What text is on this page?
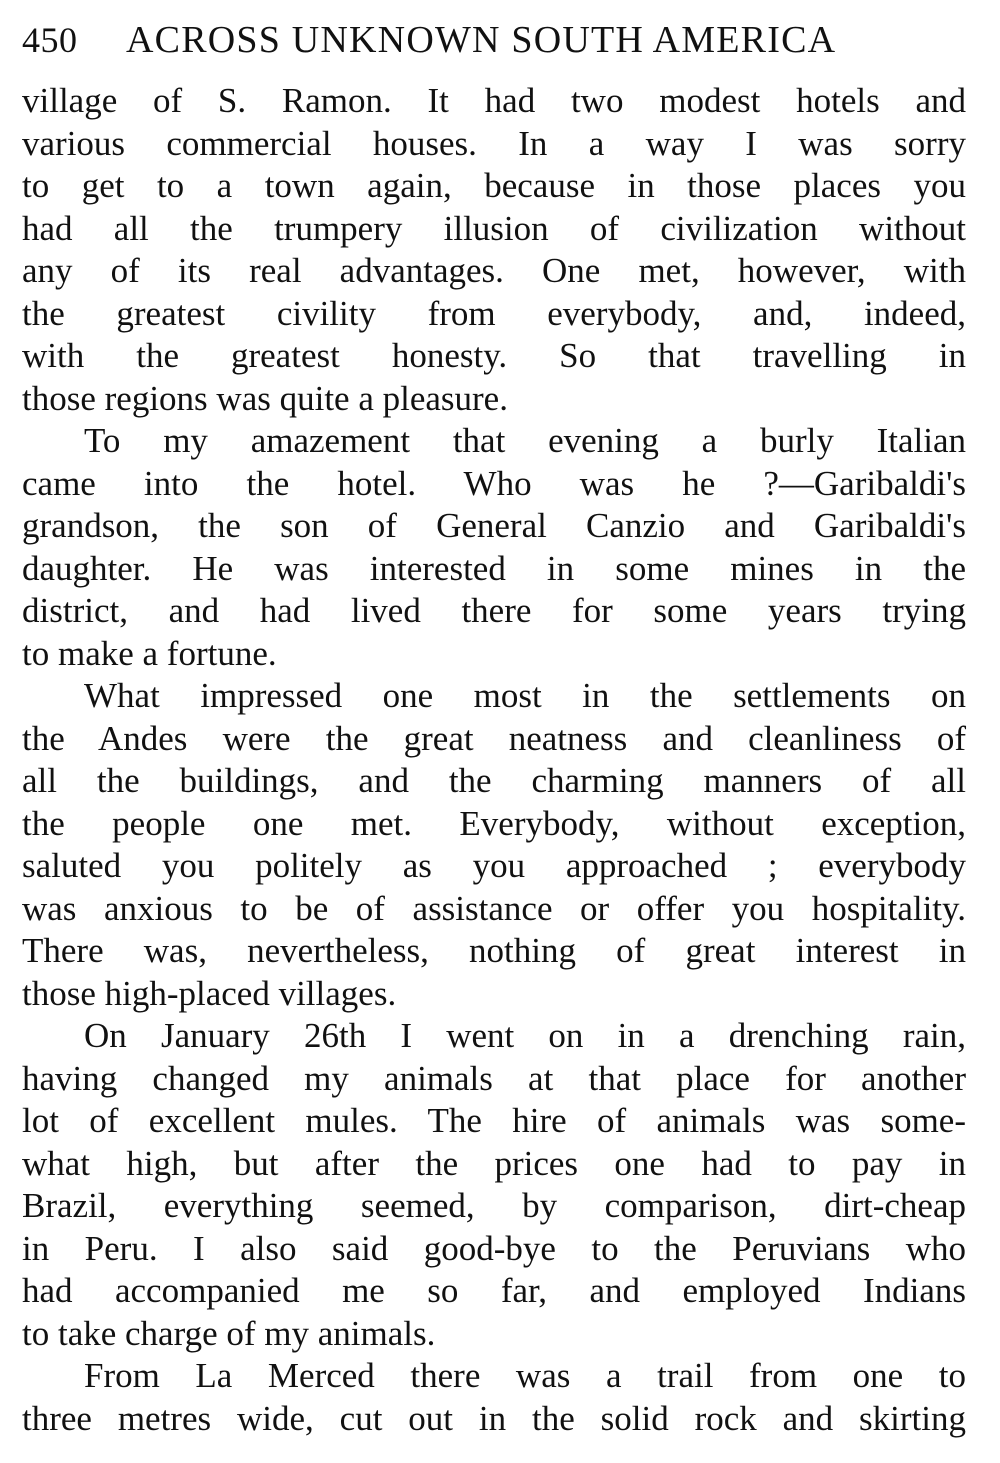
450	ACROSS UNKNOWN SOUTH AMERICA
village of S. Ramon. It had two modest hotels and
various commercial houses. In a way I was sorry
to get to a town again, because in those places you
had all the trumpery illusion of civilization without
any of its real advantages. One met, however, with
the greatest civility from everybody, and, indeed,
with the greatest honesty. So that travelling in
those regions was quite a pleasure.
To my amazement that evening a burly Italian
came into the hotel. Who was he ?—Garibaldi's
grandson, the son of General Canzio and Garibaldi's
daughter. He was interested in some mines in the
district, and had lived there for some years trying
to make a fortune.
What impressed one most in the settlements on
the Andes were the great neatness and cleanliness of
all the buildings, and the charming manners of all
the people one met. Everybody, without exception,
saluted you politely as you approached ; everybody
was anxious to be of assistance or offer you hospitality.
There was, nevertheless, nothing of great interest in
those high-placed villages.
On January 26th I went on in a drenching rain,
having changed my animals at that place for another
lot of excellent mules. The hire of animals was some-
what high, but after the prices one had to pay in
Brazil, everything seemed, by comparison, dirt-cheap
in Peru. I also said good-bye to the Peruvians who
had accompanied me so far, and employed Indians
to take charge of my animals.
From La Merced there was a trail from one to
three metres wide, cut out in the solid rock and skirting
